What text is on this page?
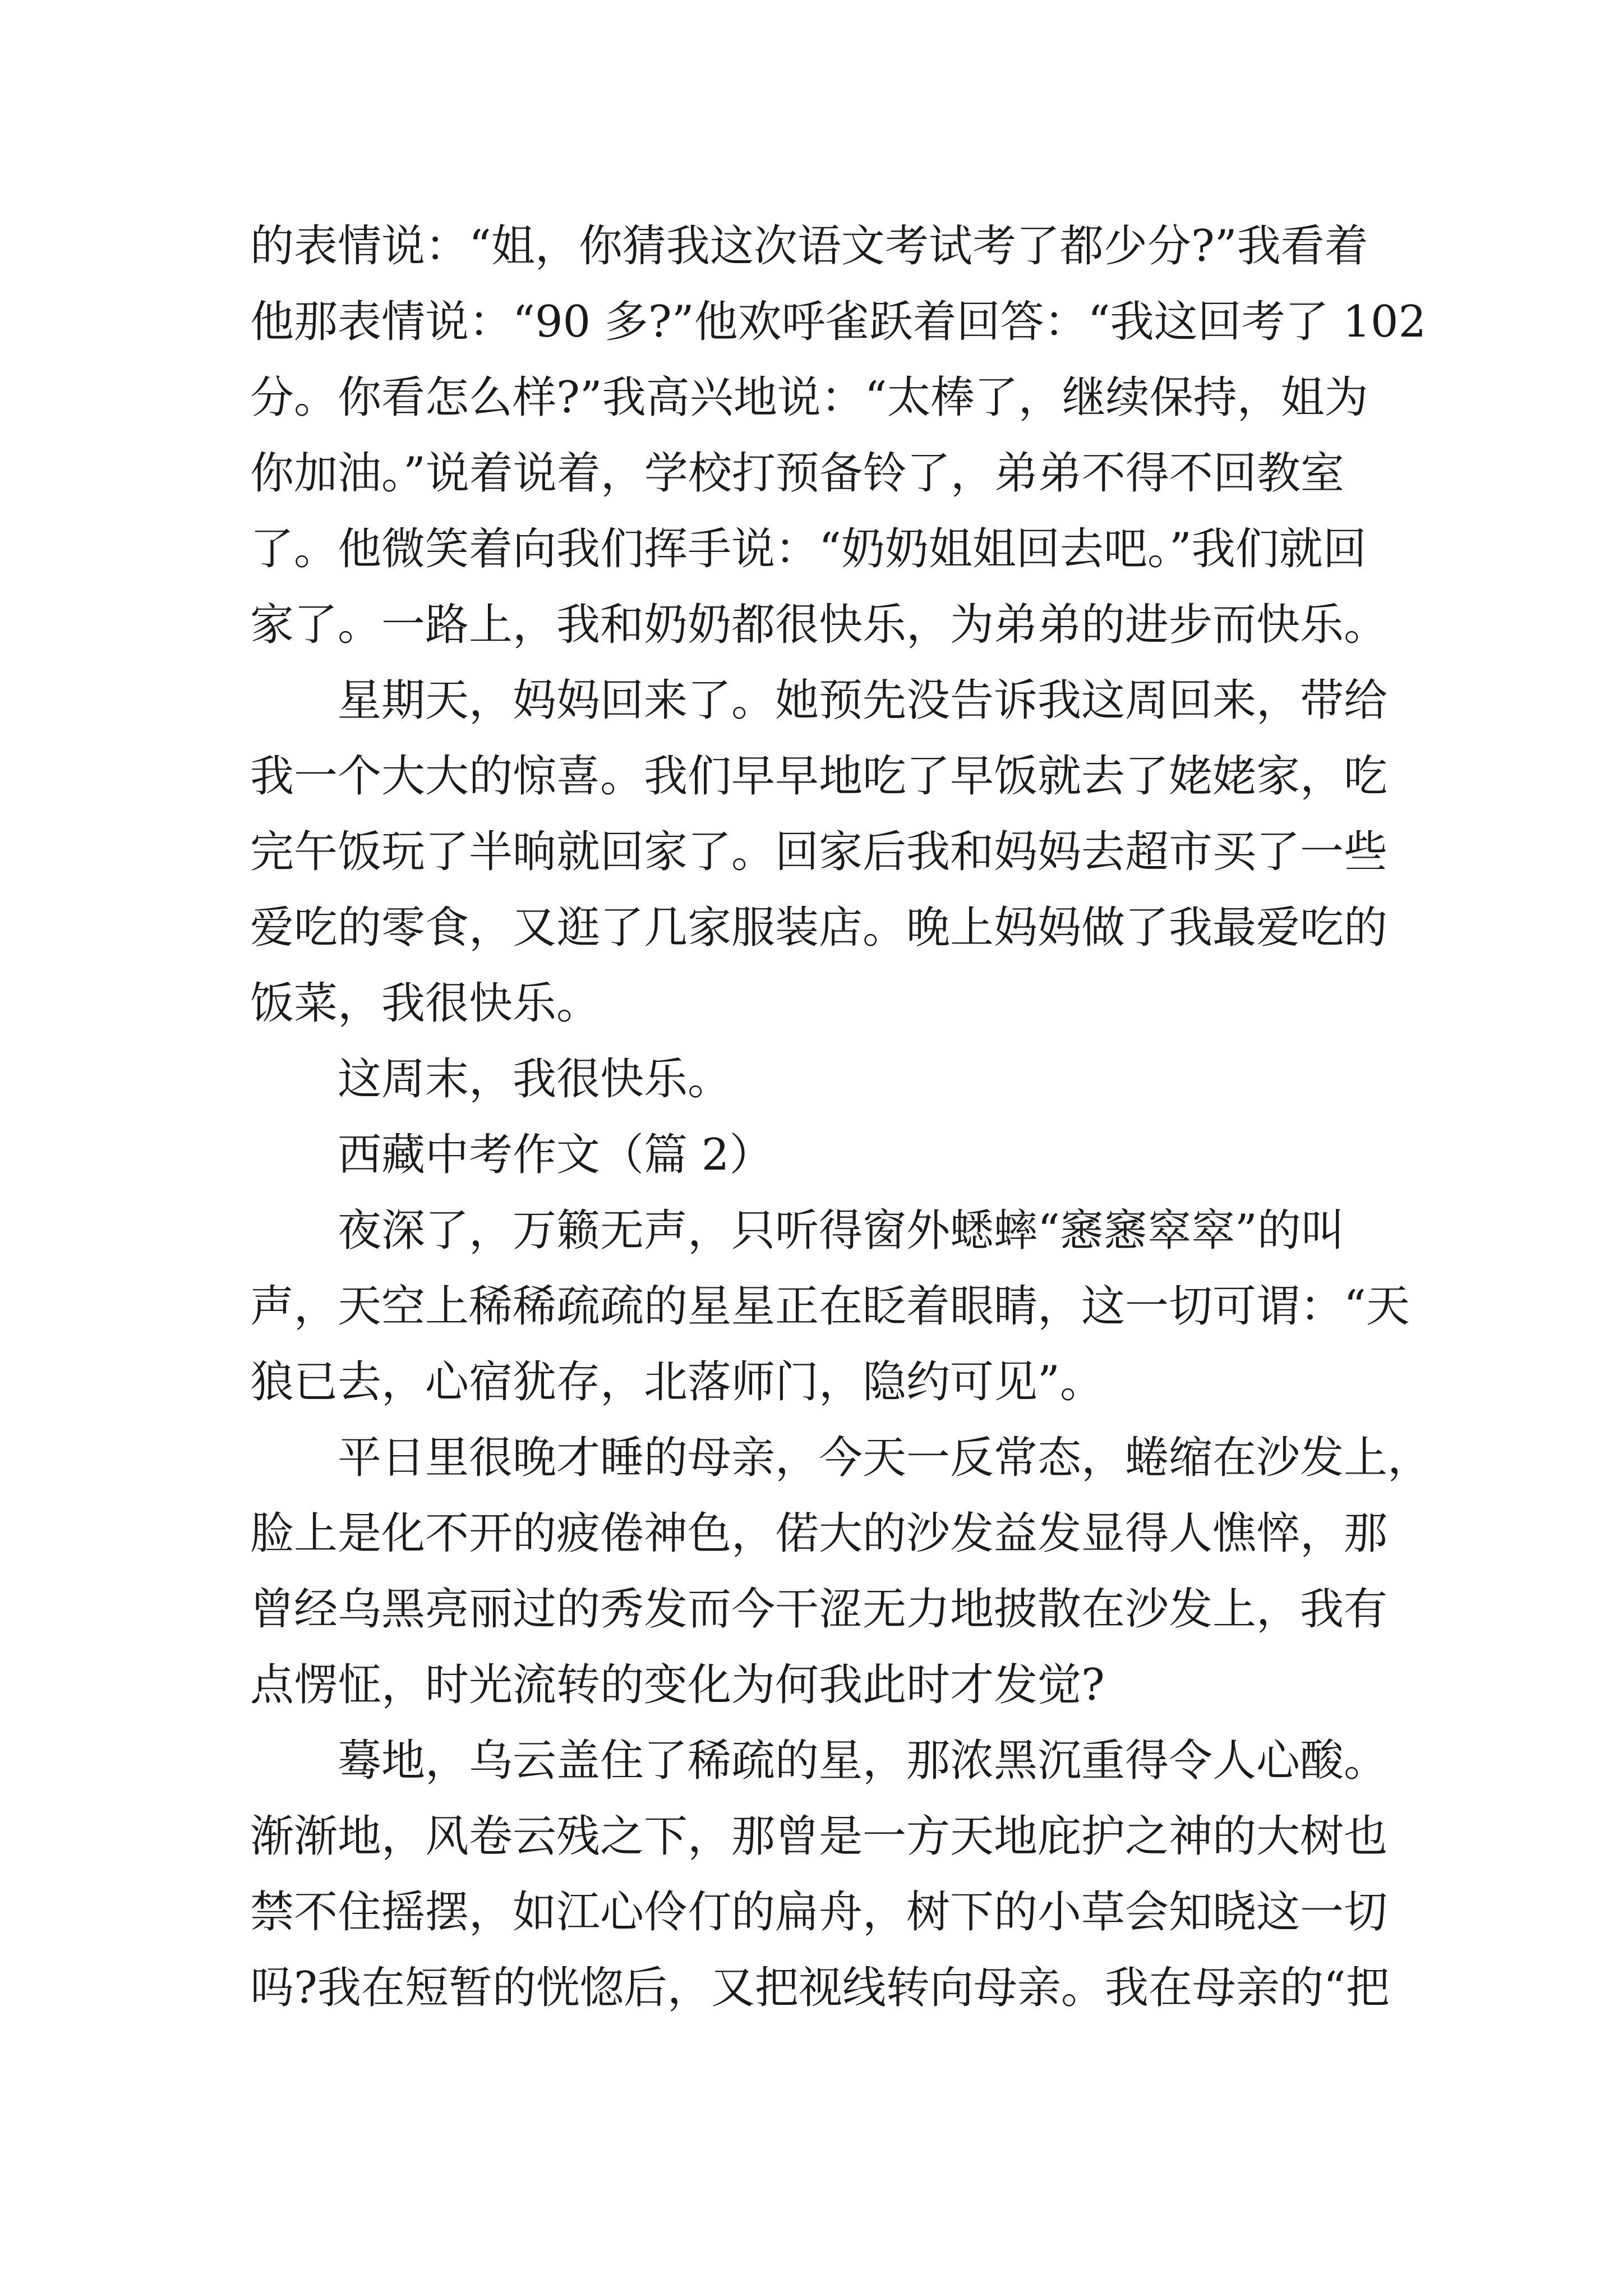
的表情说：“姐，你猜我这次语文考试考了都少分?”我看着
他那表情说：“90 多?”他欢呼雀跃着回答：“我这回考了 102
分。你看怎么样?”我高兴地说：“太棒了，继续保持，姐为
你加油。”说着说着，学校打预备铃了，弟弟不得不回教室
了。他微笑着向我们挥手说：“奶奶姐姐回去吧。”我们就回
家了。一路上，我和奶奶都很快乐，为弟弟的进步而快乐。
星期天，妈妈回来了。她预先没告诉我这周回来，带给
我一个大大的惊喜。我们早早地吃了早饭就去了姥姥家，吃
完午饭玩了半晌就回家了。回家后我和妈妈去超市买了一些
爱吃的零食，又逛了几家服装店。晚上妈妈做了我最爱吃的
饭菜，我很快乐。
这周末，我很快乐。
西藏中考作文（篇 2）
夜深了，万籁无声，只听得窗外蟋蟀“窸窸窣窣”的叫
声，天空上稀稀疏疏的星星正在眨着眼睛，这一切可谓：“天
狼已去，心宿犹存，北落师门，隐约可见”。
平日里很晚才睡的母亲，今天一反常态，蜷缩在沙发上，
脸上是化不开的疲倦神色，偌大的沙发益发显得人憔悴，那
曾经乌黑亮丽过的秀发而今干涩无力地披散在沙发上，我有
点愣怔，时光流转的变化为何我此时才发觉?
蓦地，乌云盖住了稀疏的星，那浓黑沉重得令人心酸。
渐渐地，风卷云残之下，那曾是一方天地庇护之神的大树也
禁不住摇摆，如江心伶仃的扁舟，树下的小草会知晓这一切
吗?我在短暂的恍惚后，又把视线转向母亲。我在母亲的“把
